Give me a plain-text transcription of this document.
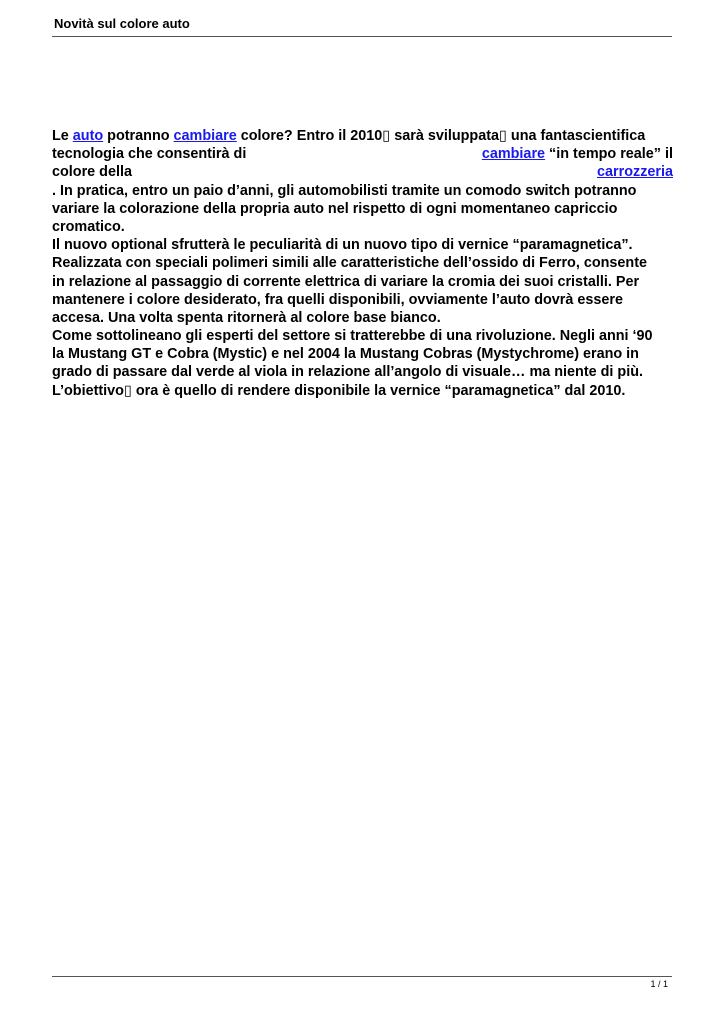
Novità sul colore auto
Le auto potranno cambiare colore? Entro il 2010▯ sarà sviluppata▯ una fantascientifica
tecnologia che consentirà di	cambiare “in tempo reale” il
colore della	carrozzeria
. In pratica, entro un paio d’anni, gli automobilisti tramite un comodo switch potranno
variare la colorazione della propria auto nel rispetto di ogni momentaneo capriccio
cromatico.
Il nuovo optional sfrutterà le peculiarità di un nuovo tipo di vernice “paramagnetica”.
Realizzata con speciali polimeri simili alle caratteristiche dell’ossido di Ferro, consente
in relazione al passaggio di corrente elettrica di variare la cromia dei suoi cristalli. Per
mantenere i colore desiderato, fra quelli disponibili, ovviamente l’auto dovrà essere
accesa. Una volta spenta ritornerà al colore base bianco.
Come sottolineano gli esperti del settore si tratterebbe di una rivoluzione. Negli anni ‘90
la Mustang GT e Cobra (Mystic) e nel 2004 la Mustang Cobras (Mystychrome) erano in
grado di passare dal verde al viola in relazione all’angolo di visuale… ma niente di più.
L’obiettivo▯ ora è quello di rendere disponibile la vernice “paramagnetica” dal 2010.
1 / 1
